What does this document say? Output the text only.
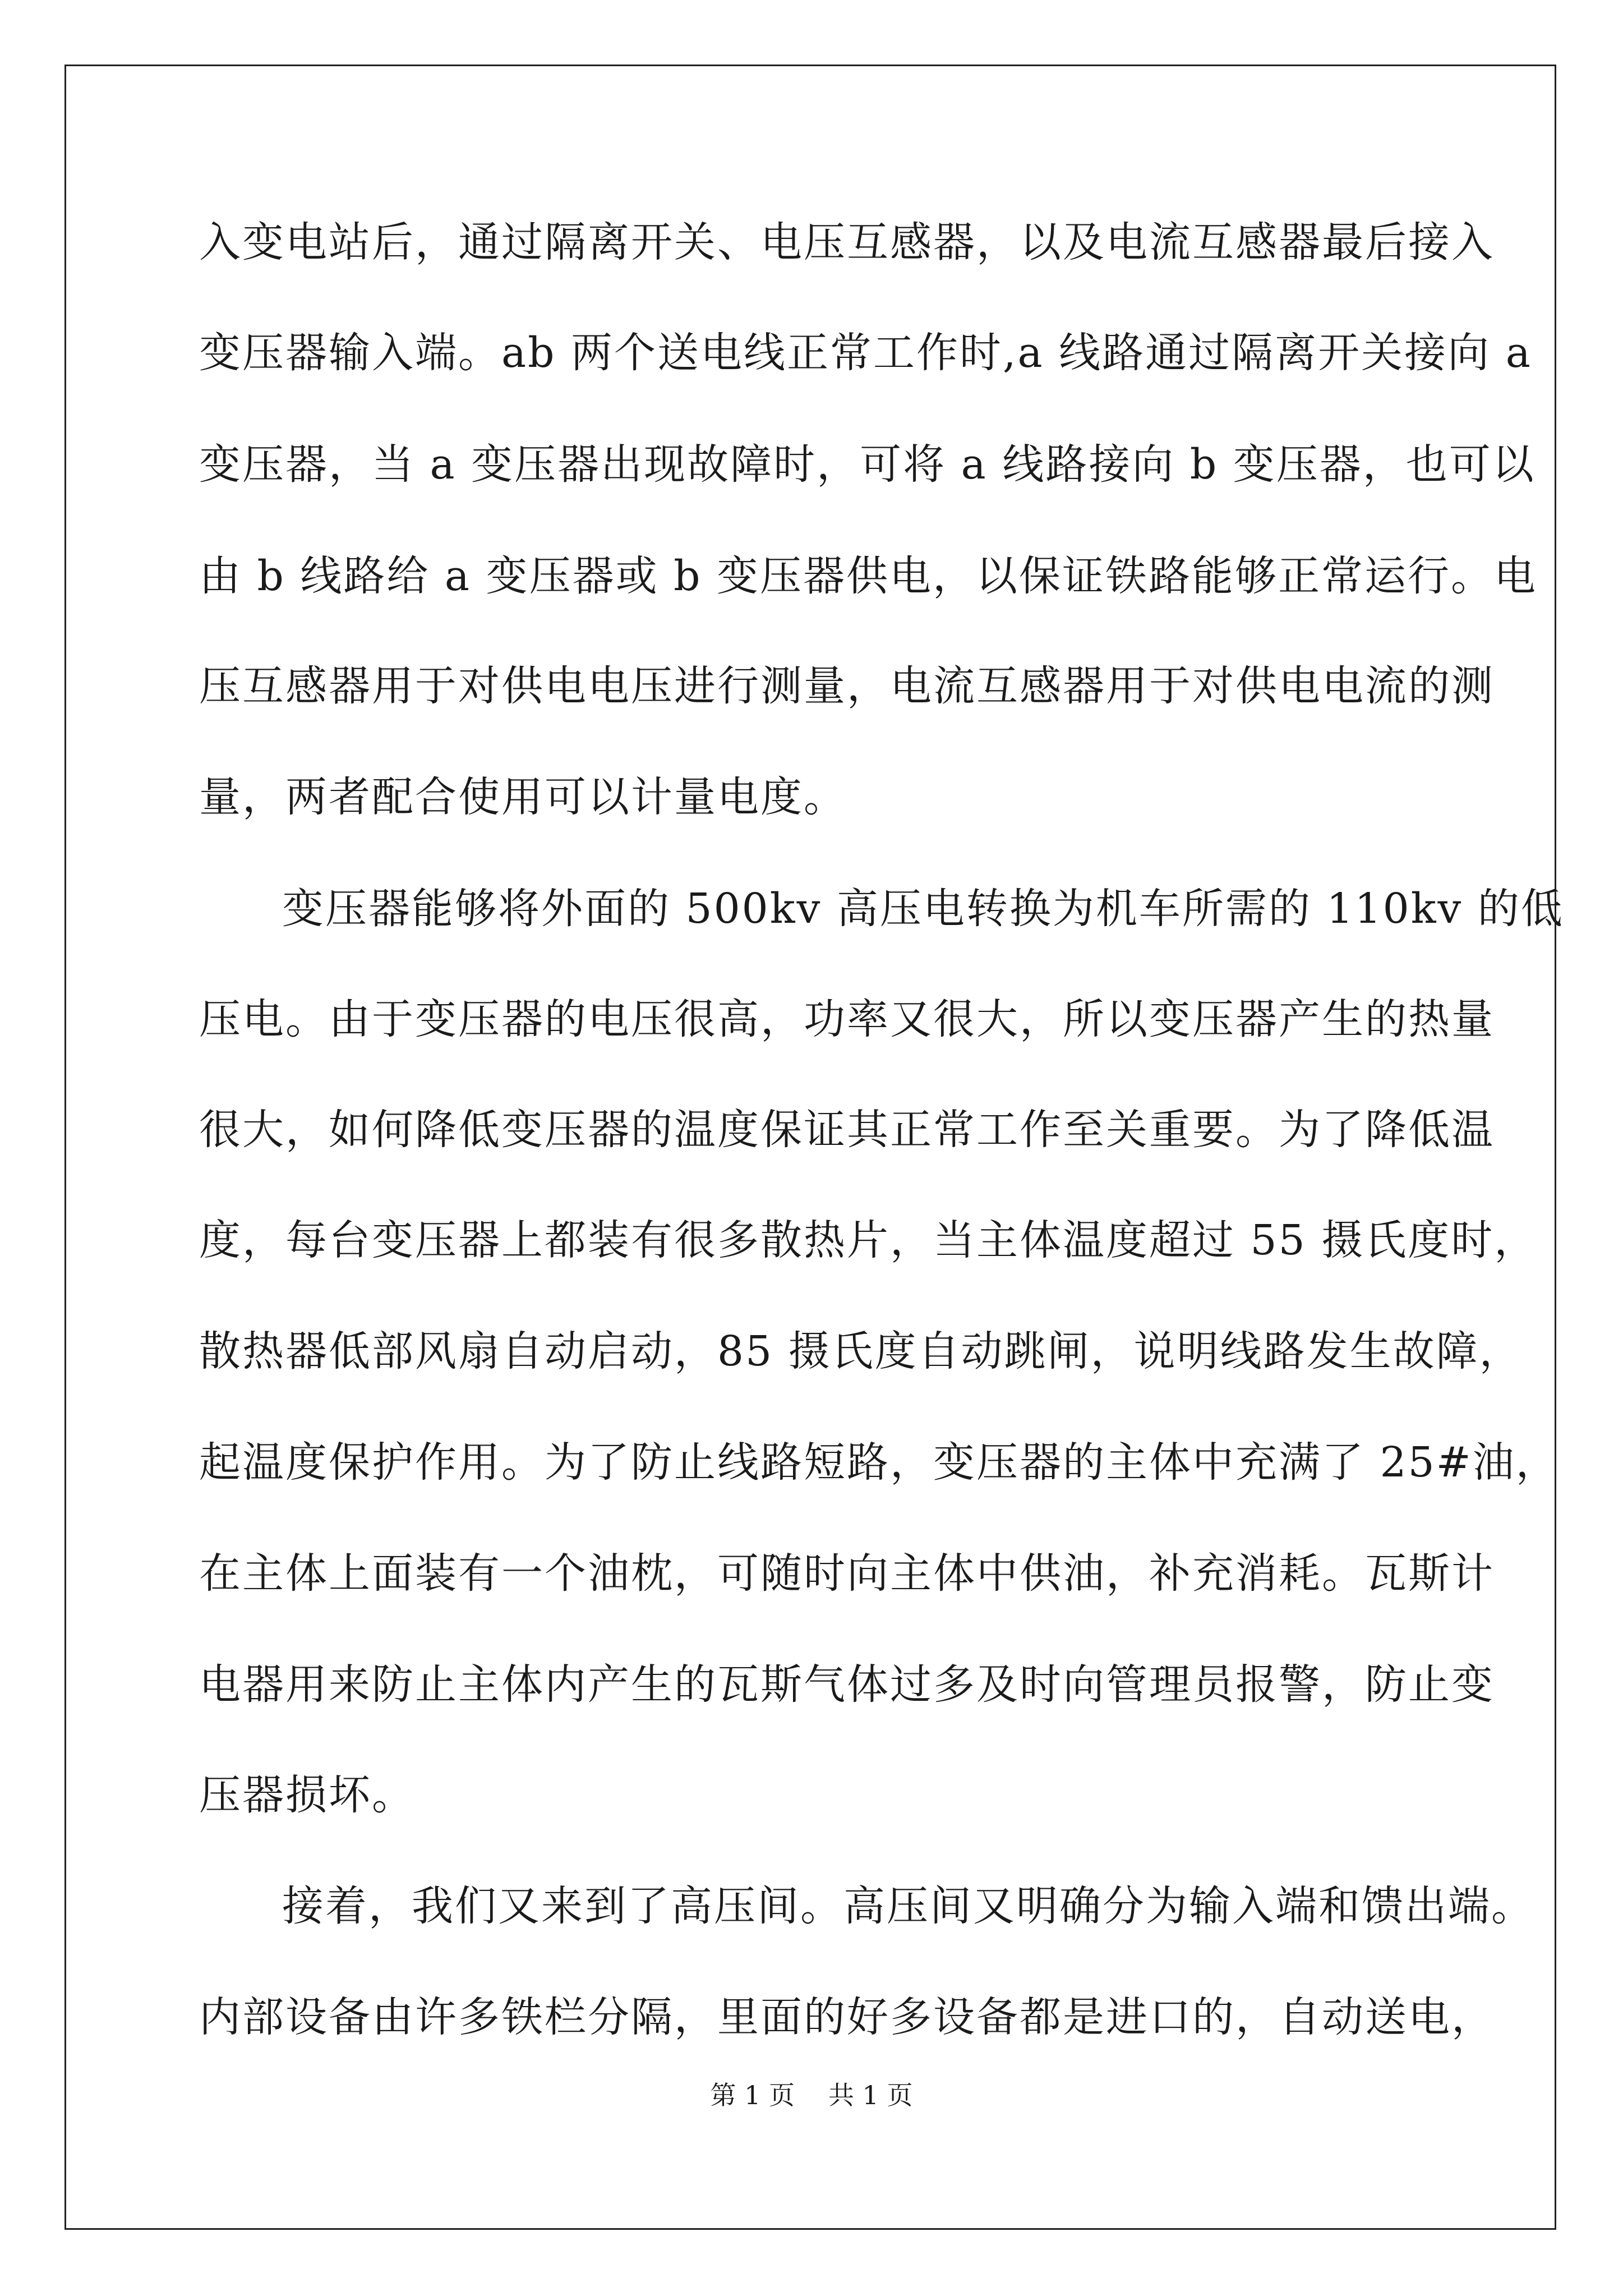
入变电站后，通过隔离开关、电压互感器，以及电流互感器最后接入
变压器输入端。ab 两个送电线正常工作时,a 线路通过隔离开关接向 a
变压器，当 a 变压器出现故障时，可将 a 线路接向 b 变压器，也可以
由 b 线路给 a 变压器或 b 变压器供电，以保证铁路能够正常运行。电
压互感器用于对供电电压进行测量，电流互感器用于对供电电流的测
量，两者配合使用可以计量电度。
变压器能够将外面的 500kv 高压电转换为机车所需的 110kv 的低
压电。由于变压器的电压很高，功率又很大，所以变压器产生的热量
很大，如何降低变压器的温度保证其正常工作至关重要。为了降低温
度，每台变压器上都装有很多散热片，当主体温度超过 55 摄氏度时，
散热器低部风扇自动启动，85 摄氏度自动跳闸，说明线路发生故障，
起温度保护作用。为了防止线路短路，变压器的主体中充满了 25#油，
在主体上面装有一个油枕，可随时向主体中供油，补充消耗。瓦斯计
电器用来防止主体内产生的瓦斯气体过多及时向管理员报警，防止变
压器损坏。
接着，我们又来到了高压间。高压间又明确分为输入端和馈出端。
内部设备由许多铁栏分隔，里面的好多设备都是进口的，自动送电，
第 1 页 共 1 页
